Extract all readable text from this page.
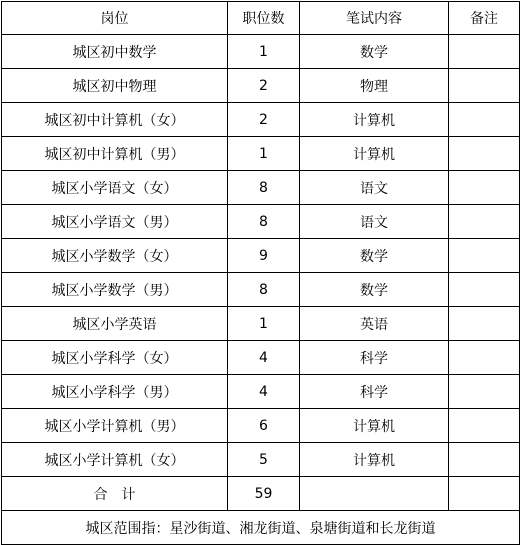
岗位	职位数	笔试内容	备注
城区初中数学	1	数学	
城区初中物理	2	物理	
城区初中计算机（女）	2	计算机	
城区初中计算机（男）	1	计算机	
城区小学语文（女）	8	语文	
城区小学语文（男）	8	语文	
城区小学数学（女）	9	数学	
城区小学数学（男）	8	数学	
城区小学英语	1	英语	
城区小学科学（女）	4	科学	
城区小学科学（男）	4	科学	
城区小学计算机（男）	6	计算机	
城区小学计算机（女）	5	计算机	
合　计	59		
城区范围指：星沙街道、湘龙街道、泉塘街道和长龙街道			
